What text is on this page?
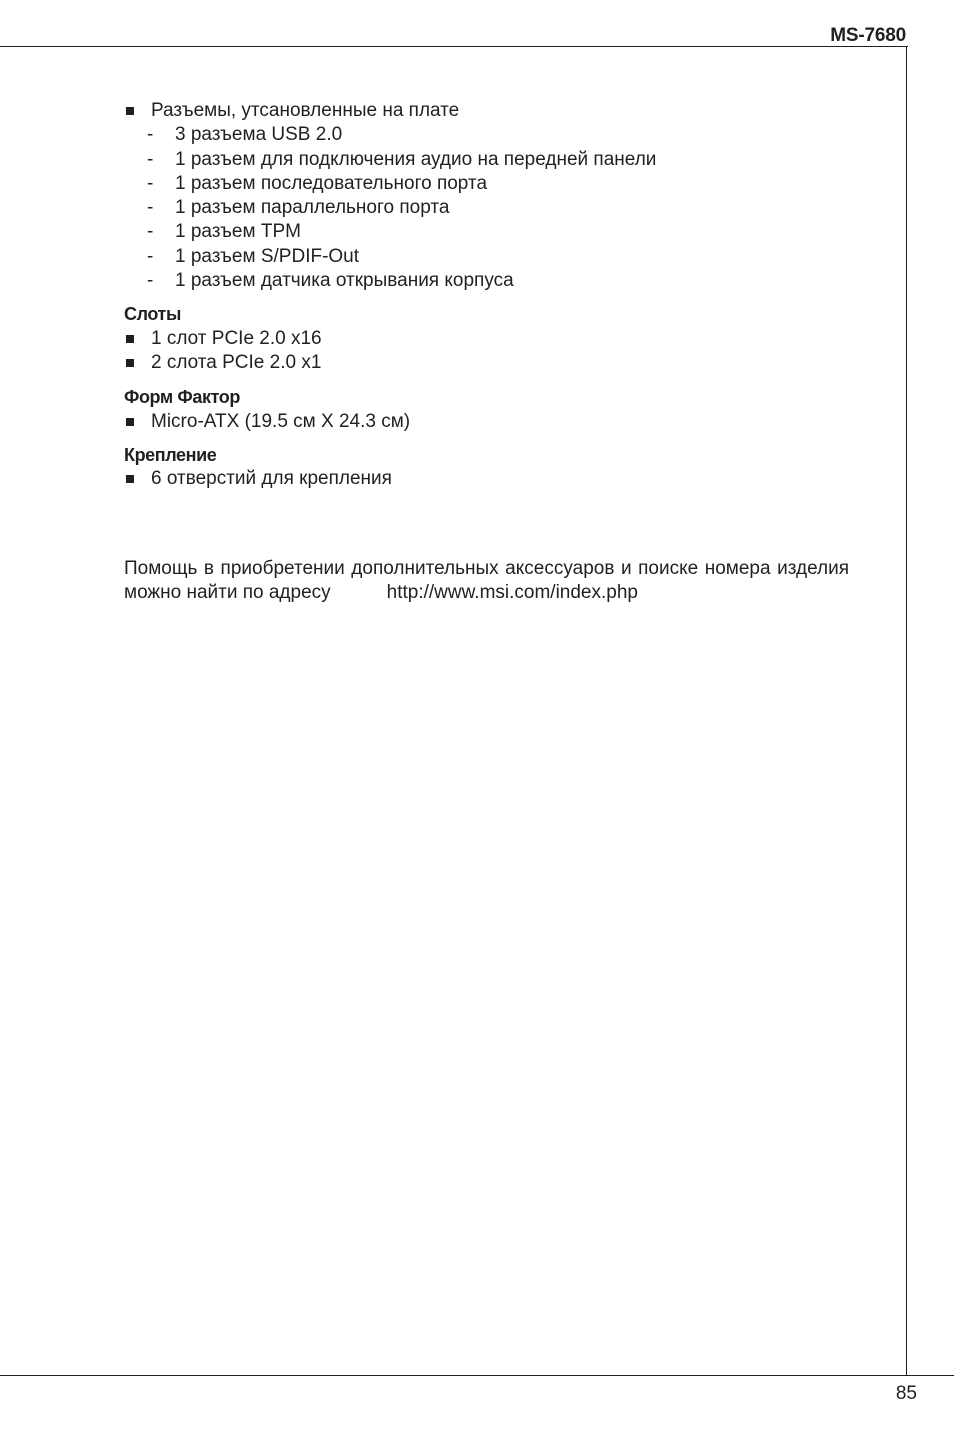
MS-7680

Разъемы, утсановленные на плате

- 3 разъема USB 2.0

- 1 разъем для подключения аудио на передней панели

- 1 разъем последовательного порта

- 1 разъем параллельного порта

- 1 разъем TPM

- 1 разъем S/PDIF-Out

- 1 разъем датчика открывания корпуса

Слоты

1 слот PCIe 2.0 x16

2 слота PCIe 2.0 x1

Форм Фактор

Micro-ATX (19.5 см X 24.3 см)

Крепление

6 отверстий для крепления

Помощь в приобретении дополнительных аксессуаров и поиске номера изделия можно найти по адресу	http://www.msi.com/index.php

85
